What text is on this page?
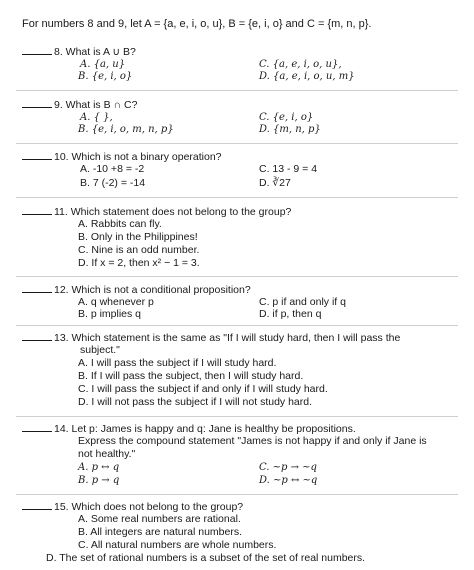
For numbers 8 and 9, let A = {a, e, i, o, u}, B = {e, i, o} and C = {m, n, p}.
8. What is A ∪ B?
A. {a, u}
B. {e, i, o}
C. {a, e, i, o, u},
D. {a, e, i, o, u, m}
9. What is B ∩ C?
A. { },
B. {e, i, o, m, n, p}
C. {e, i, o}
D. {m, n, p}
10. Which is not a binary operation?
A. -10 +8 = -2
B. 7 (-2) = -14
C. 13 - 9 = 4
D. ∛27
11. Which statement does not belong to the group?
A. Rabbits can fly.
B. Only in the Philippines!
C. Nine is an odd number.
D. If x = 2, then x² − 1 = 3.
12. Which is not a conditional proposition?
A. q whenever p
B. p implies q
C. p if and only if q
D. if p, then q
13. Which statement is the same as "If I will study hard, then I will pass the
subject."
A. I will pass the subject if I will study hard.
B. If I will pass the subject, then I will study hard.
C. I will pass the subject if and only if I will study hard.
D. I will not pass the subject if I will not study hard.
14. Let p: James is happy and q: Jane is healthy be propositions.
Express the compound statement "James is not happy if and only if Jane is
not healthy."
A. p ↔ q
B. p → q
C. ~p → ~q
D. ~p ↔ ~q
15. Which does not belong to the group?
A. Some real numbers are rational.
B. All integers are natural numbers.
C. All natural numbers are whole numbers.
D. The set of rational numbers is a subset of the set of real numbers.
